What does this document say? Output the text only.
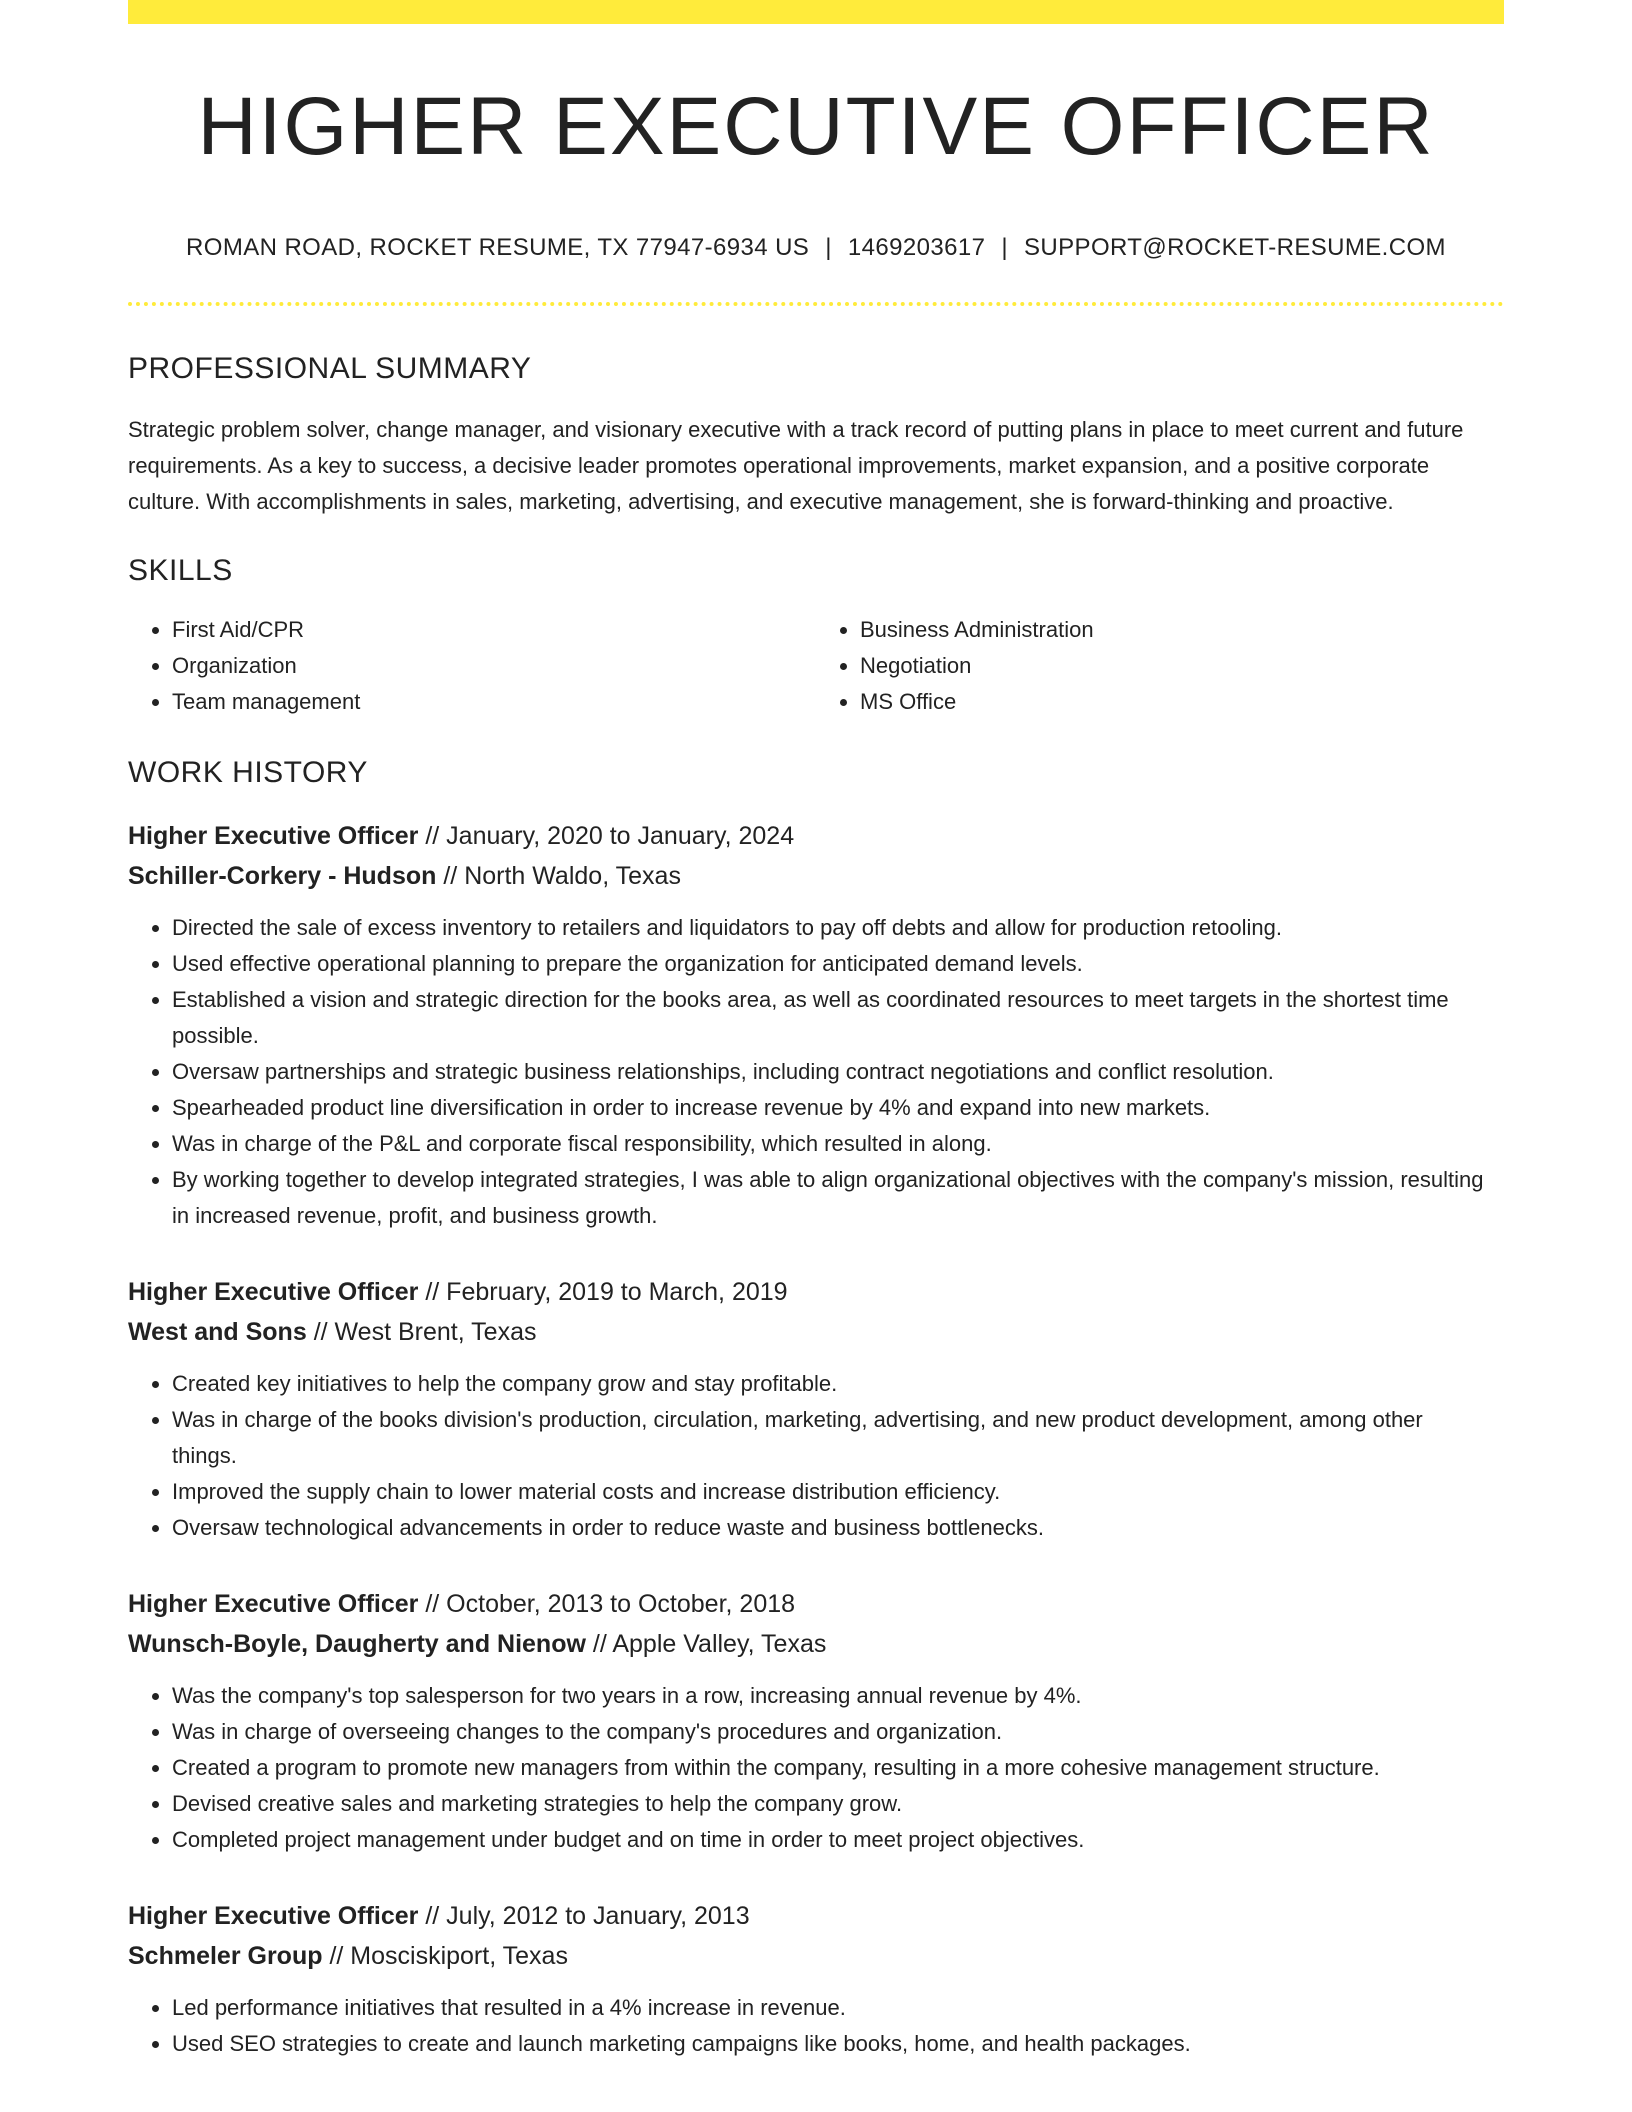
HIGHER EXECUTIVE OFFICER
ROMAN ROAD, ROCKET RESUME, TX 77947-6934 US | 1469203617 | SUPPORT@ROCKET-RESUME.COM
PROFESSIONAL SUMMARY

Strategic problem solver, change manager, and visionary executive with a track record of putting plans in place to meet current and future requirements. As a key to success, a decisive leader promotes operational improvements, market expansion, and a positive corporate culture. With accomplishments in sales, marketing, advertising, and executive management, she is forward-thinking and proactive.

SKILLS
• First Aid/CPR
• Organization
• Team management
• Business Administration
• Negotiation
• MS Office
WORK HISTORY
Higher Executive Officer // January, 2020 to January, 2024
Schiller-Corkery - Hudson // North Waldo, Texas
• Directed the sale of excess inventory to retailers and liquidators to pay off debts and allow for production retooling.
• Used effective operational planning to prepare the organization for anticipated demand levels.
• Established a vision and strategic direction for the books area, as well as coordinated resources to meet targets in the shortest time possible.
• Oversaw partnerships and strategic business relationships, including contract negotiations and conflict resolution.
• Spearheaded product line diversification in order to increase revenue by 4% and expand into new markets.
• Was in charge of the P&L and corporate fiscal responsibility, which resulted in along.
• By working together to develop integrated strategies, I was able to align organizational objectives with the company's mission, resulting in increased revenue, profit, and business growth.
Higher Executive Officer // February, 2019 to March, 2019
West and Sons // West Brent, Texas
• Created key initiatives to help the company grow and stay profitable.
• Was in charge of the books division's production, circulation, marketing, advertising, and new product development, among other things.
• Improved the supply chain to lower material costs and increase distribution efficiency.
• Oversaw technological advancements in order to reduce waste and business bottlenecks.
Higher Executive Officer // October, 2013 to October, 2018
Wunsch-Boyle, Daugherty and Nienow // Apple Valley, Texas
• Was the company's top salesperson for two years in a row, increasing annual revenue by 4%.
• Was in charge of overseeing changes to the company's procedures and organization.
• Created a program to promote new managers from within the company, resulting in a more cohesive management structure.
• Devised creative sales and marketing strategies to help the company grow.
• Completed project management under budget and on time in order to meet project objectives.
Higher Executive Officer // July, 2012 to January, 2013
Schmeler Group // Mosciskiport, Texas
• Led performance initiatives that resulted in a 4% increase in revenue.
• Used SEO strategies to create and launch marketing campaigns like books, home, and health packages.
